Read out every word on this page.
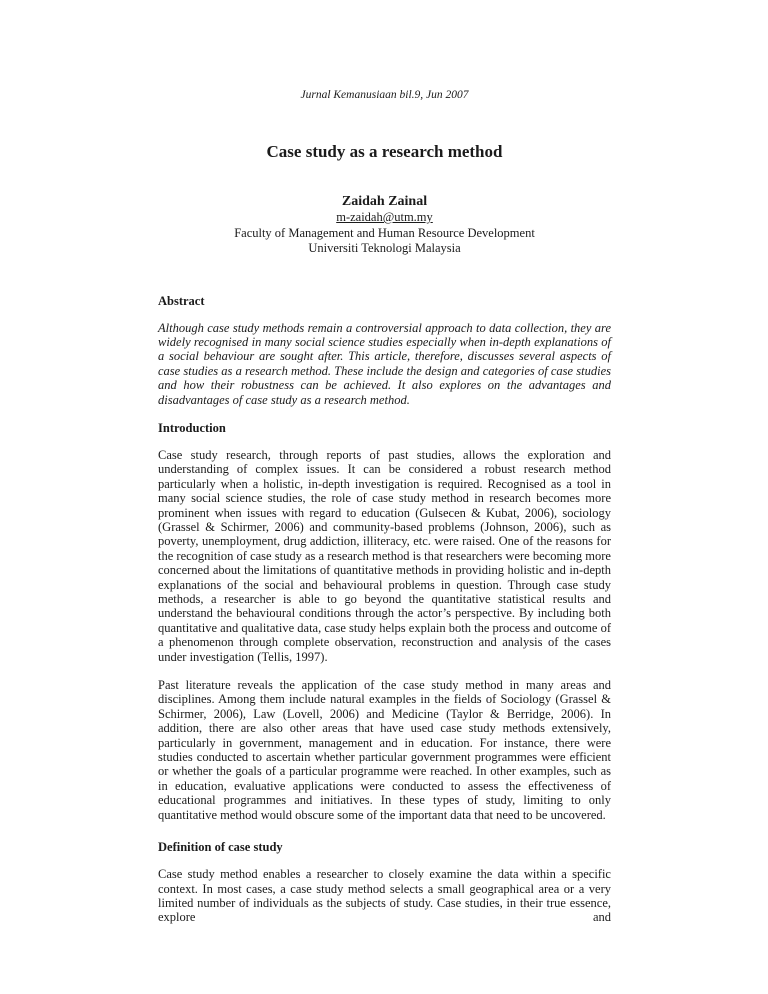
Jurnal Kemanusiaan bil.9, Jun 2007
Case study as a research method
Zaidah Zainal
m-zaidah@utm.my
Faculty of Management and Human Resource Development
Universiti Teknologi Malaysia
Abstract

Although case study methods remain a controversial approach to data collection, they are widely recognised in many social science studies especially when in-depth explanations of a social behaviour are sought after. This article, therefore, discusses several aspects of case studies as a research method. These include the design and categories of case studies and how their robustness can be achieved. It also explores on the advantages and disadvantages of case study as a research method.

Introduction

Case study research, through reports of past studies, allows the exploration and understanding of complex issues. It can be considered a robust research method particularly when a holistic, in-depth investigation is required. Recognised as a tool in many social science studies, the role of case study method in research becomes more prominent when issues with regard to education (Gulsecen & Kubat, 2006), sociology (Grassel & Schirmer, 2006) and community-based problems (Johnson, 2006), such as poverty, unemployment, drug addiction, illiteracy, etc. were raised. One of the reasons for the recognition of case study as a research method is that researchers were becoming more concerned about the limitations of quantitative methods in providing holistic and in-depth explanations of the social and behavioural problems in question. Through case study methods, a researcher is able to go beyond the quantitative statistical results and understand the behavioural conditions through the actor’s perspective. By including both quantitative and qualitative data, case study helps explain both the process and outcome of a phenomenon through complete observation, reconstruction and analysis of the cases under investigation (Tellis, 1997).

Past literature reveals the application of the case study method in many areas and disciplines. Among them include natural examples in the fields of Sociology (Grassel & Schirmer, 2006), Law (Lovell, 2006) and Medicine (Taylor & Berridge, 2006). In addition, there are also other areas that have used case study methods extensively, particularly in government, management and in education. For instance, there were studies conducted to ascertain whether particular government programmes were efficient or whether the goals of a particular programme were reached. In other examples, such as in education, evaluative applications were conducted to assess the effectiveness of educational programmes and initiatives. In these types of study, limiting to only quantitative method would obscure some of the important data that need to be uncovered.

Definition of case study

Case study method enables a researcher to closely examine the data within a specific context. In most cases, a case study method selects a small geographical area or a very limited number of individuals as the subjects of study. Case studies, in their true essence, explore and
